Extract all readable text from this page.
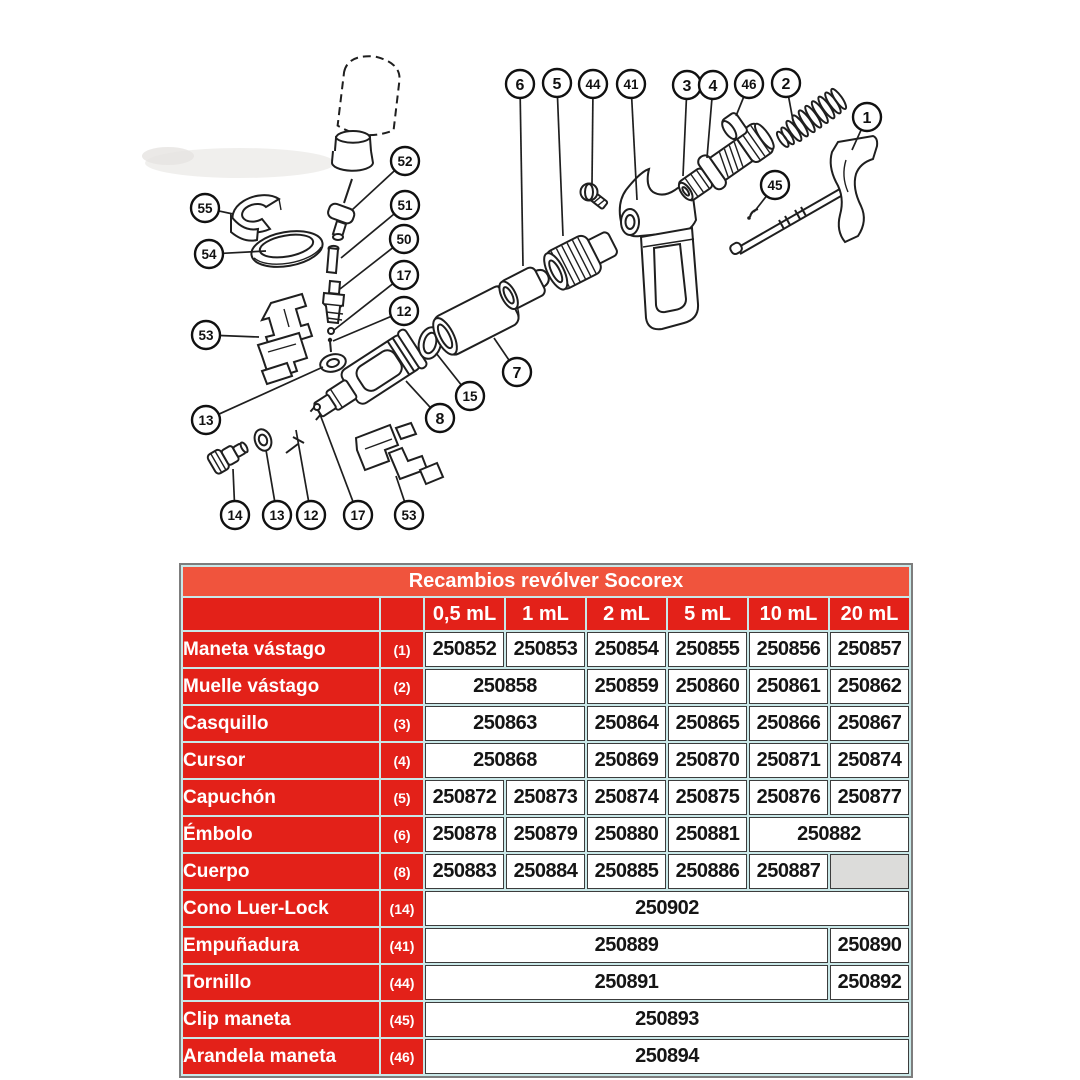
6 5 44 41	3 4 46 2
1
45
52
51
50
17
12
55
54
53
13
7
15
8
14 13 12 17	53
Recambios revólver Socorex							
		0,5 mL	1 mL	2 mL	5 mL	10 mL	20 mL
Maneta vástago	(1)	250852	250853	250854	250855	250856	250857
Muelle vástago	(2)	250858		250859	250860	250861	250862
Casquillo	(3)	250863		250864	250865	250866	250867
Cursor	(4)	250868		250869	250870	250871	250874
Capuchón	(5)	250872	250873	250874	250875	250876	250877
Émbolo	(6)	250878	250879	250880	250881	250882	
Cuerpo	(8)	250883	250884	250885	250886	250887	
Cono Luer-Lock	(14)	250902					
Empuñadura	(41)	250889					250890
Tornillo	(44)	250891					250892
Clip maneta	(45)	250893					
Arandela maneta	(46)	250894					
